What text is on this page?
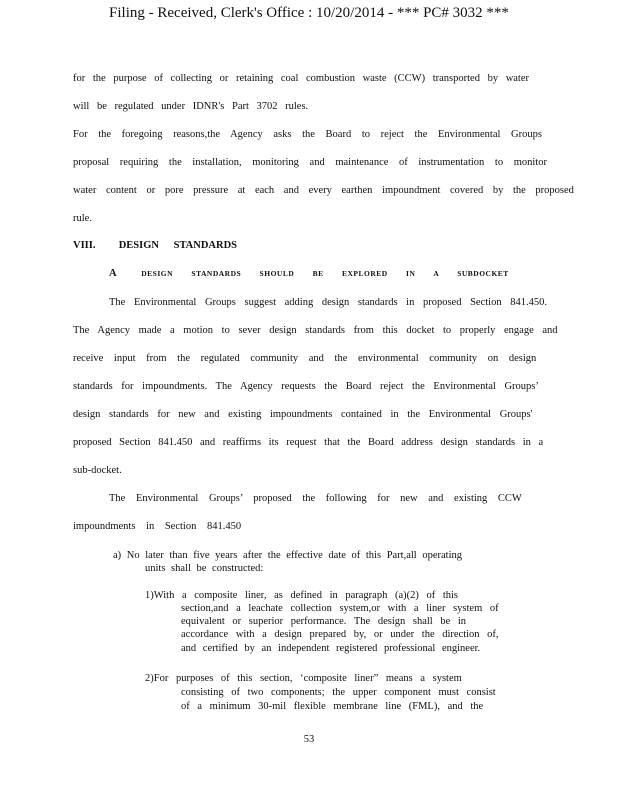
Filing - Received, Clerk's Office : 10/20/2014 - *** PC# 3032 ***
for the purpose of collecting or retaining coal combustion waste (CCW) transported by water
will be regulated under IDNR's Part 3702 rules.
For the foregoing reasons,the Agency asks the Board to reject the Environmental Groups
proposal requiring the installation, monitoring and maintenance of instrumentation to monitor
water content or pore pressure at each and every earthen impoundment covered by the proposed
rule.
VIII. DESIGN STANDARDS
A	DESIGN STANDARDS SHOULD BE EXPLORED IN A SUBDOCKET
The Environmental Groups suggest adding design standards in proposed Section 841.450.
The Agency made a motion to sever design standards from this docket to properly engage and
receive input from the regulated community and the environmental community on design
standards for impoundments. The Agency requests the Board reject the Environmental Groups’
design standards for new and existing impoundments contained in the Environmental Groups'
proposed Section 841.450 and reaffirms its request that the Board address design standards in a
sub-docket.
The Environmental Groups’ proposed the following for new and existing CCW
impoundments in Section 841.450
a) No later than five years after the effective date of this Part,all operating
units shall be constructed:
1)With a composite liner, as defined in paragraph (a)(2) of this
section,and a leachate collection system,or with a liner system of
equivalent or superior performance. The design shall be in
accordance with a design prepared by, or under the direction of,
and certified by an independent registered professional engineer.
2)For purposes of this section, ‘composite liner” means a system
consisting of two components; the upper component must consist
of a minimum 30-mil flexible membrane line (FML), and the
53
